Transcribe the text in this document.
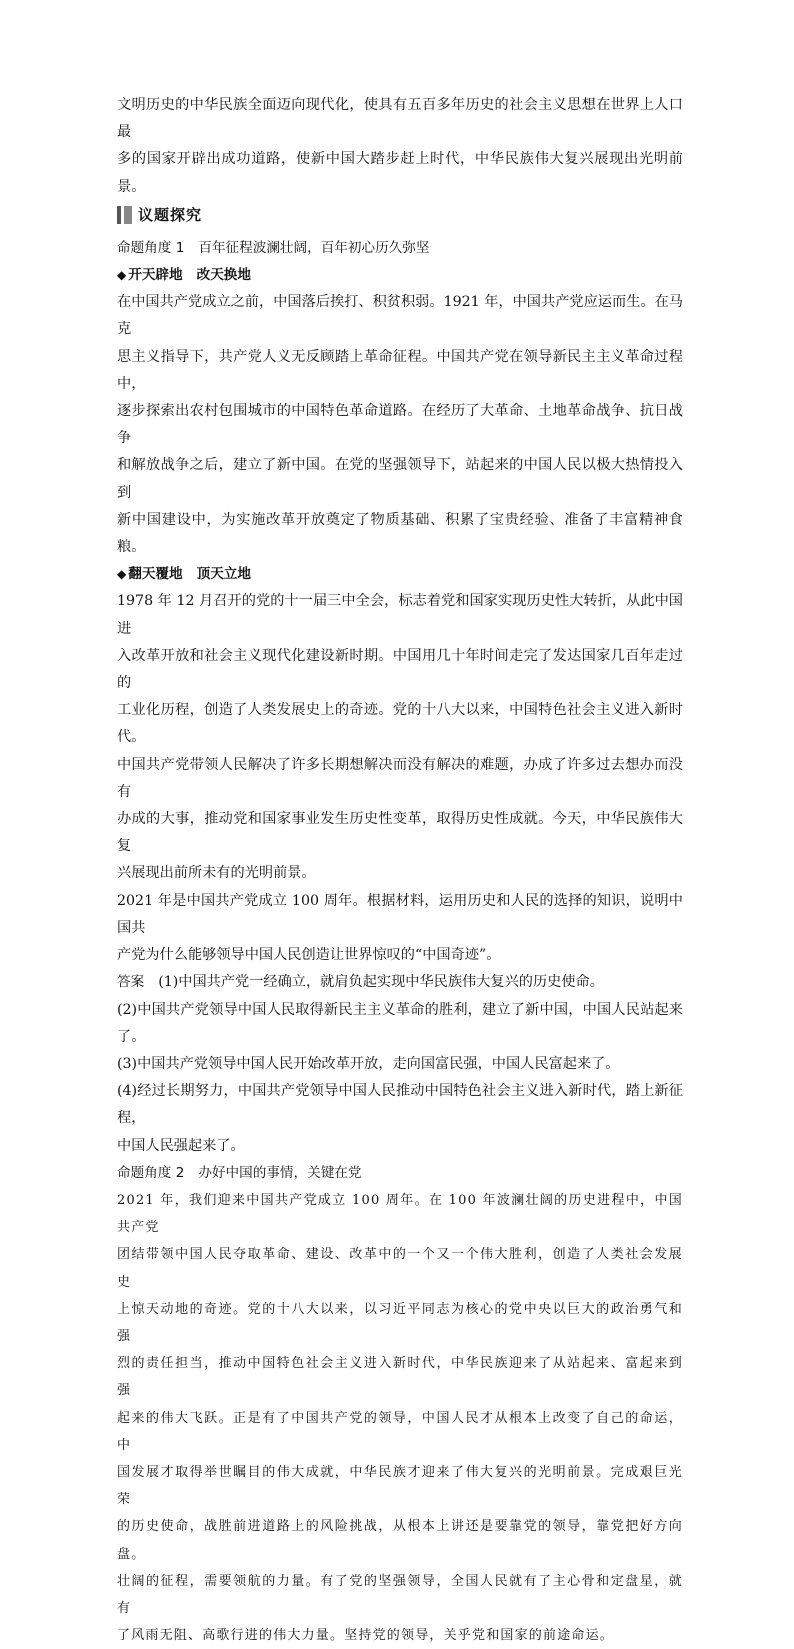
文明历史的中华民族全面迈向现代化，使具有五百多年历史的社会主义思想在世界上人口最

多的国家开辟出成功道路，使新中国大踏步赶上时代，中华民族伟大复兴展现出光明前景。

议题探究

命题角度 1 百年征程波澜壮阔，百年初心历久弥坚

◆ 开天辟地 改天换地

在中国共产党成立之前，中国落后挨打、积贫积弱。1921 年，中国共产党应运而生。在马克

思主义指导下，共产党人义无反顾踏上革命征程。中国共产党在领导新民主主义革命过程中，

逐步探索出农村包围城市的中国特色革命道路。在经历了大革命、土地革命战争、抗日战争

和解放战争之后，建立了新中国。在党的坚强领导下，站起来的中国人民以极大热情投入到

新中国建设中，为实施改革开放奠定了物质基础、积累了宝贵经验、准备了丰富精神食粮。

◆ 翻天覆地 顶天立地

1978 年 12 月召开的党的十一届三中全会，标志着党和国家实现历史性大转折，从此中国进

入改革开放和社会主义现代化建设新时期。中国用几十年时间走完了发达国家几百年走过的

工业化历程，创造了人类发展史上的奇迹。党的十八大以来，中国特色社会主义进入新时代。

中国共产党带领人民解决了许多长期想解决而没有解决的难题，办成了许多过去想办而没有

办成的大事，推动党和国家事业发生历史性变革，取得历史性成就。今天，中华民族伟大复

兴展现出前所未有的光明前景。

2021 年是中国共产党成立 100 周年。根据材料，运用历史和人民的选择的知识，说明中国共

产党为什么能够领导中国人民创造让世界惊叹的“中国奇迹”。

答案 (1)中国共产党一经确立，就肩负起实现中华民族伟大复兴的历史使命。

(2)中国共产党领导中国人民取得新民主主义革命的胜利，建立了新中国，中国人民站起来了。

(3)中国共产党领导中国人民开始改革开放，走向国富民强，中国人民富起来了。

(4)经过长期努力，中国共产党领导中国人民推动中国特色社会主义进入新时代，踏上新征程，

中国人民强起来了。

命题角度 2 办好中国的事情，关键在党

2021 年，我们迎来中国共产党成立 100 周年。在 100 年波澜壮阔的历史进程中，中国共产党

团结带领中国人民夺取革命、建设、改革中的一个又一个伟大胜利，创造了人类社会发展史

上惊天动地的奇迹。党的十八大以来，以习近平同志为核心的党中央以巨大的政治勇气和强

烈的责任担当，推动中国特色社会主义进入新时代，中华民族迎来了从站起来、富起来到强

起来的伟大飞跃。正是有了中国共产党的领导，中国人民才从根本上改变了自己的命运，中

国发展才取得举世瞩目的伟大成就，中华民族才迎来了伟大复兴的光明前景。完成艰巨光荣

的历史使命，战胜前进道路上的风险挑战，从根本上讲还是要靠党的领导，靠党把好方向盘。

壮阔的征程，需要领航的力量。有了党的坚强领导，全国人民就有了主心骨和定盘星，就有

了风雨无阻、高歌行进的伟大力量。坚持党的领导，关乎党和国家的前途命运。
